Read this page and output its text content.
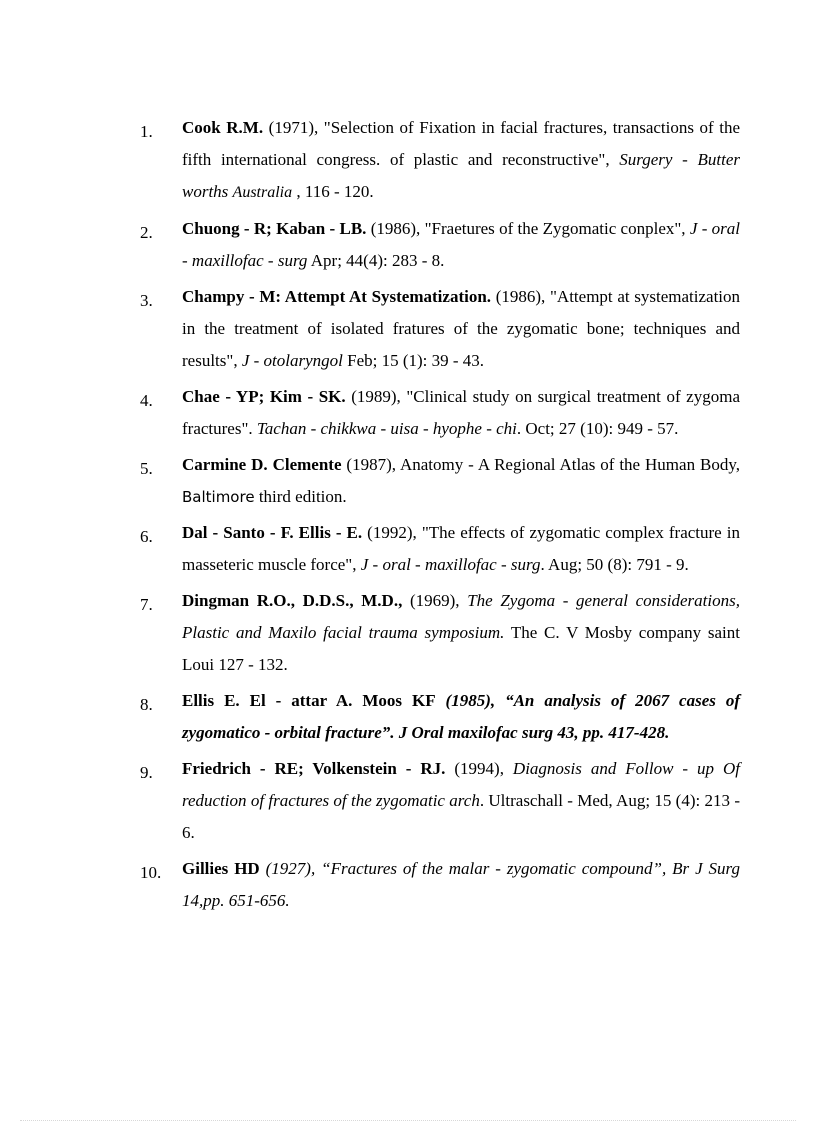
1.	Cook R.M. (1971), "Selection of Fixation in facial fractures, transactions of the fifth international congress. of plastic and reconstructive", Surgery - Butter worths Australia , 116 - 120.
2.	Chuong - R; Kaban - LB. (1986), "Fraetures of the Zygomatic conplex", J - oral - maxillofac - surg Apr; 44(4): 283 - 8.
3.	Champy - M: Attempt At Systematization. (1986), "Attempt at systematization in the treatment of isolated fratures of the zygomatic bone; techniques and results", J - otolaryngol Feb; 15 (1): 39 - 43.
4.	Chae - YP; Kim - SK. (1989), "Clinical study on surgical treatment of zygoma fractures". Tachan - chikkwa - uisa - hyophe - chi. Oct; 27 (10): 949 - 57.
5.	Carmine D. Clemente (1987), Anatomy - A Regional Atlas of the Human Body, Baltimore third edition.
6.	Dal - Santo - F. Ellis - E. (1992), "The effects of zygomatic complex fracture in masseteric muscle force", J - oral - maxillofac - surg. Aug; 50 (8): 791 - 9.
7.	Dingman R.O., D.D.S., M.D., (1969), The Zygoma - general considerations, Plastic and Maxilo facial trauma symposium. The C. V Mosby company saint Loui 127 - 132.
8.	Ellis E. El - attar A. Moos KF (1985), “An analysis of 2067 cases of zygomatico - orbital fracture”. J Oral maxilofac surg 43, pp. 417-428.
9.	Friedrich - RE; Volkenstein - RJ. (1994), Diagnosis and Follow - up Of reduction of fractures of the zygomatic arch. Ultraschall - Med, Aug; 15 (4): 213 - 6.
10.	Gillies HD (1927), “Fractures of the malar - zygomatic compound”, Br J Surg 14,pp. 651-656.
